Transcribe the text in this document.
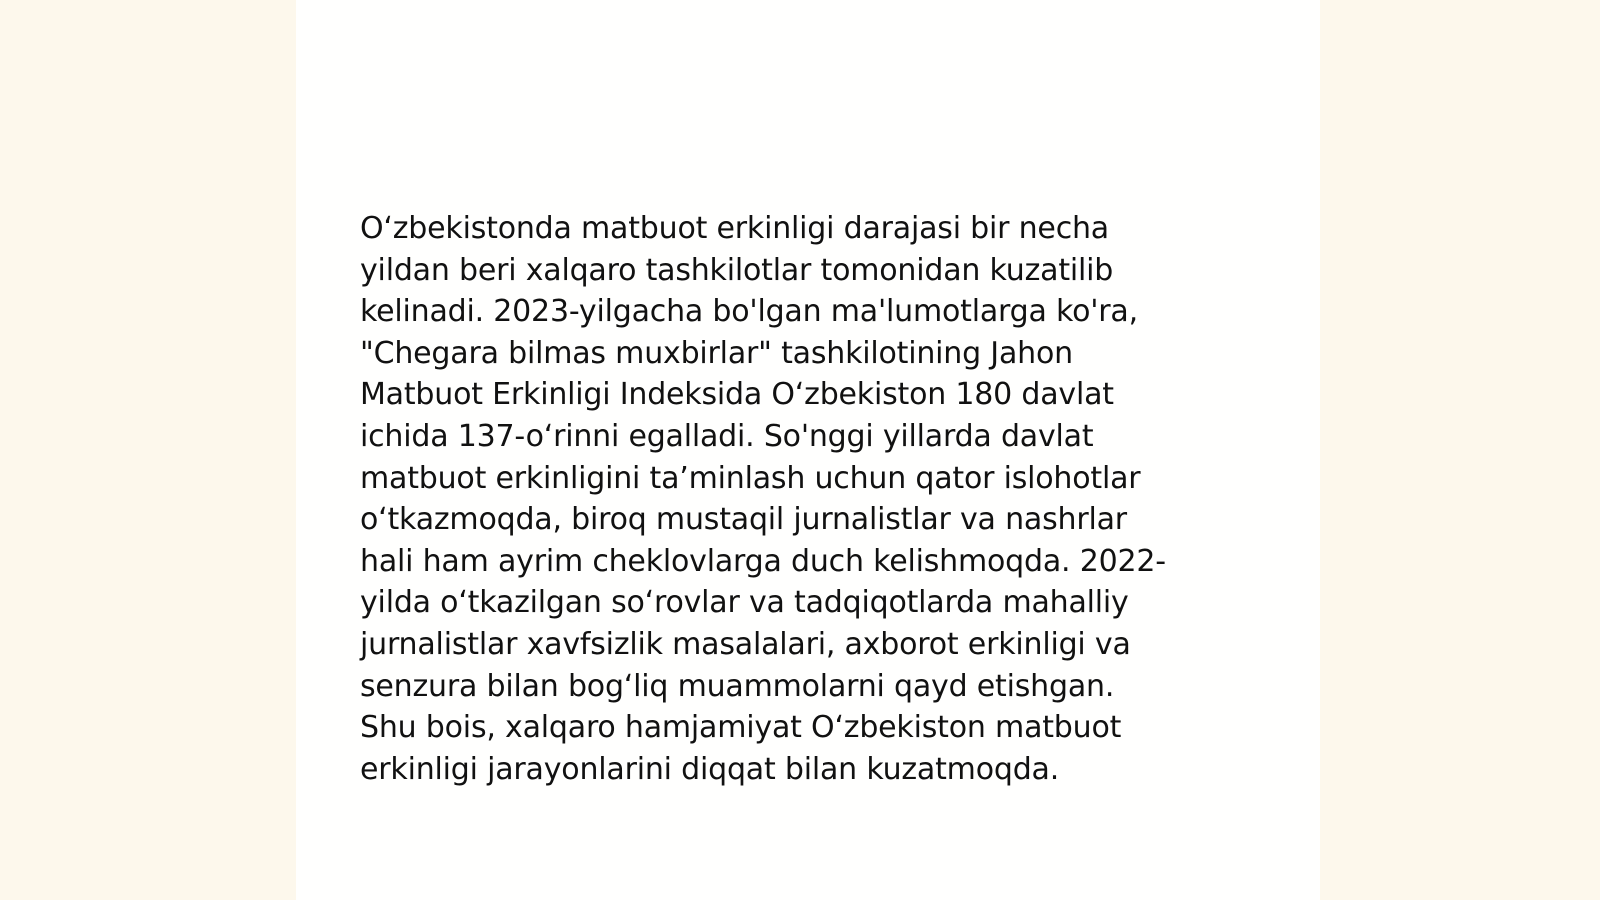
O‘zbekistonda matbuot erkinligi darajasi bir necha
yildan beri xalqaro tashkilotlar tomonidan kuzatilib
kelinadi. 2023-yilgacha bo'lgan ma'lumotlarga ko'ra,
"Chegara bilmas muxbirlar" tashkilotining Jahon
Matbuot Erkinligi Indeksida O‘zbekiston 180 davlat
ichida 137-o‘rinni egalladi. So'nggi yillarda davlat
matbuot erkinligini ta’minlash uchun qator islohotlar
o‘tkazmoqda, biroq mustaqil jurnalistlar va nashrlar
hali ham ayrim cheklovlarga duch kelishmoqda. 2022-
yilda o‘tkazilgan so‘rovlar va tadqiqotlarda mahalliy
jurnalistlar xavfsizlik masalalari, axborot erkinligi va
senzura bilan bog‘liq muammolarni qayd etishgan.
Shu bois, xalqaro hamjamiyat O‘zbekiston matbuot
erkinligi jarayonlarini diqqat bilan kuzatmoqda.
